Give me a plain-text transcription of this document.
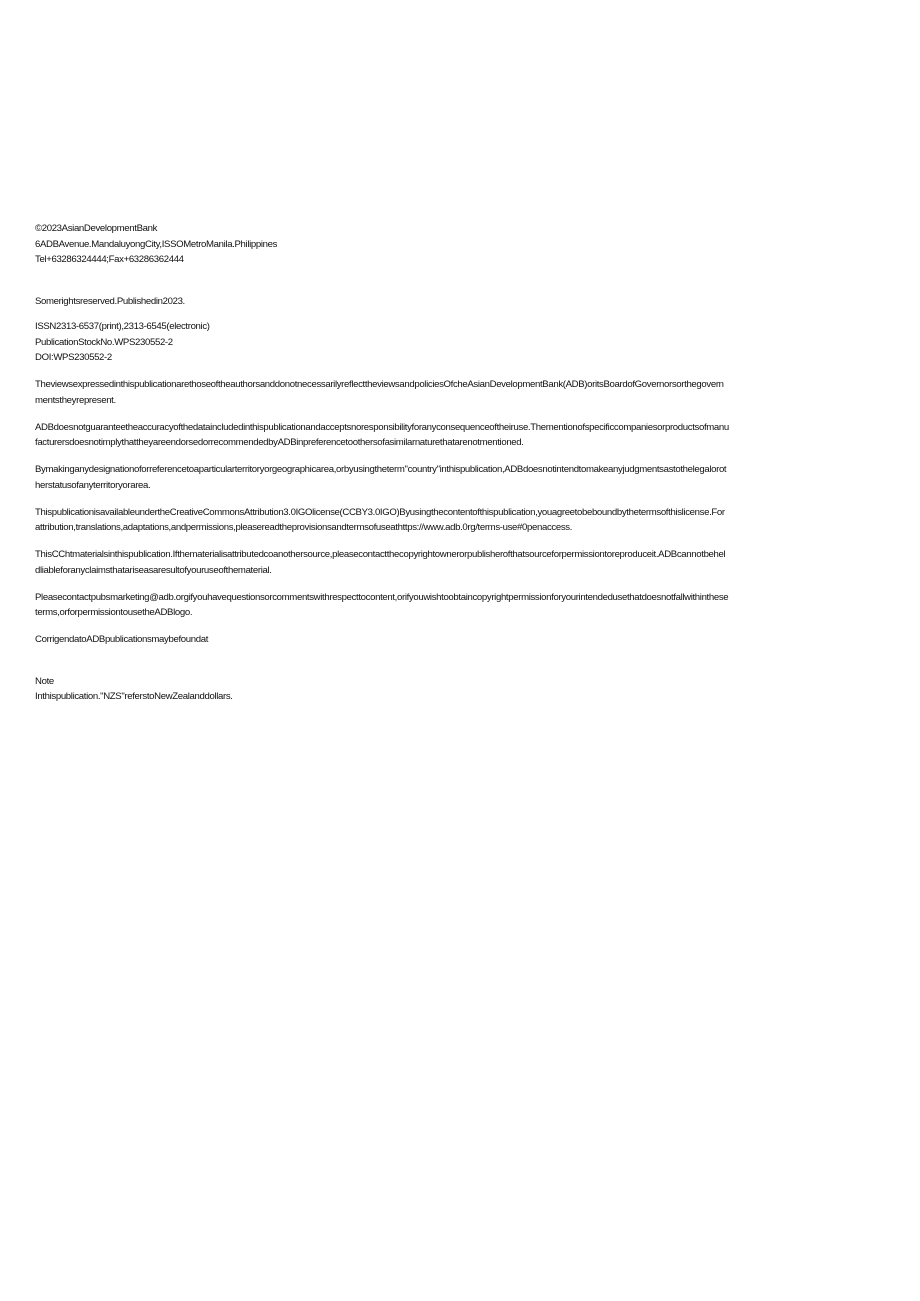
©2023AsianDevelopmentBank
6ADBAvenue.MandaluyongCity,ISSOMetroManila.Philippines
Tel+63286324444;Fax+63286362444

Somerightsreserved.Publishedin2023.

ISSN2313-6537(print),2313-6545(electronic)
PublicationStockNo.WPS230552-2
DOI:WPS230552-2
TheviewsexpressedinthispublicationarethoseoftheauthorsanddonotnecessarilyreflecttheviewsandpoliciesOfcheAsianDevelopmentBank(ADB)oritsBoardofGovernorsorthegovern
mentstheyrepresent.
ADBdoesnotguaranteetheaccuracyofthedataincludedinthispublicationandacceptsnoresponsibilityforanyconsequenceoftheiruse.Thementionofspecificcompaniesorproductsofmanu
facturersdoesnotimplythattheyareendorsedorrecommendedbyADBinpreferencetoothersofasimilarnaturethatarenotmentioned.
Bymakinganydesignationoforreferencetoaparticularterritoryorgeographicarea,orbyusingtheterm"country"inthispublication,ADBdoesnotintendtomakeanyjudgmentsastothelegalorot
herstatusofanyterritoryorarea.
ThispublicationisavailableundertheCreativeCommonsAttribution3.0IGOlicense(CCBY3.0IGO)Byusingthecontentofthispublication,youagreetobeboundbythetermsofthislicense.For
attribution,translations,adaptations,andpermissions,pleasereadtheprovisionsandtermsofuseathttps://www.adb.0rg/terms-use#0penaccess.
ThisCChtmaterialsinthispublication.Ifthematerialisattributedcoanothersource,pleasecontactthecopyrightownerorpublisherofthatsourceforpermissiontoreproduceit.ADBcannotbehel
dliableforanyclaimsthatariseasaresultofyouruseofthematerial.
Pleasecontactpubsmarketing@adb.orgifyouhavequestionsorcommentswithrespecttocontent,orifyouwishtoobtaincopyrightpermissionforyourintendedusethatdoesnotfallwithinthese
terms,orforpermissiontousetheADBlogo.

CorrigendatoADBpublicationsmaybefoundat

Note
Inthispublication."NZS"referstoNewZealanddollars.
